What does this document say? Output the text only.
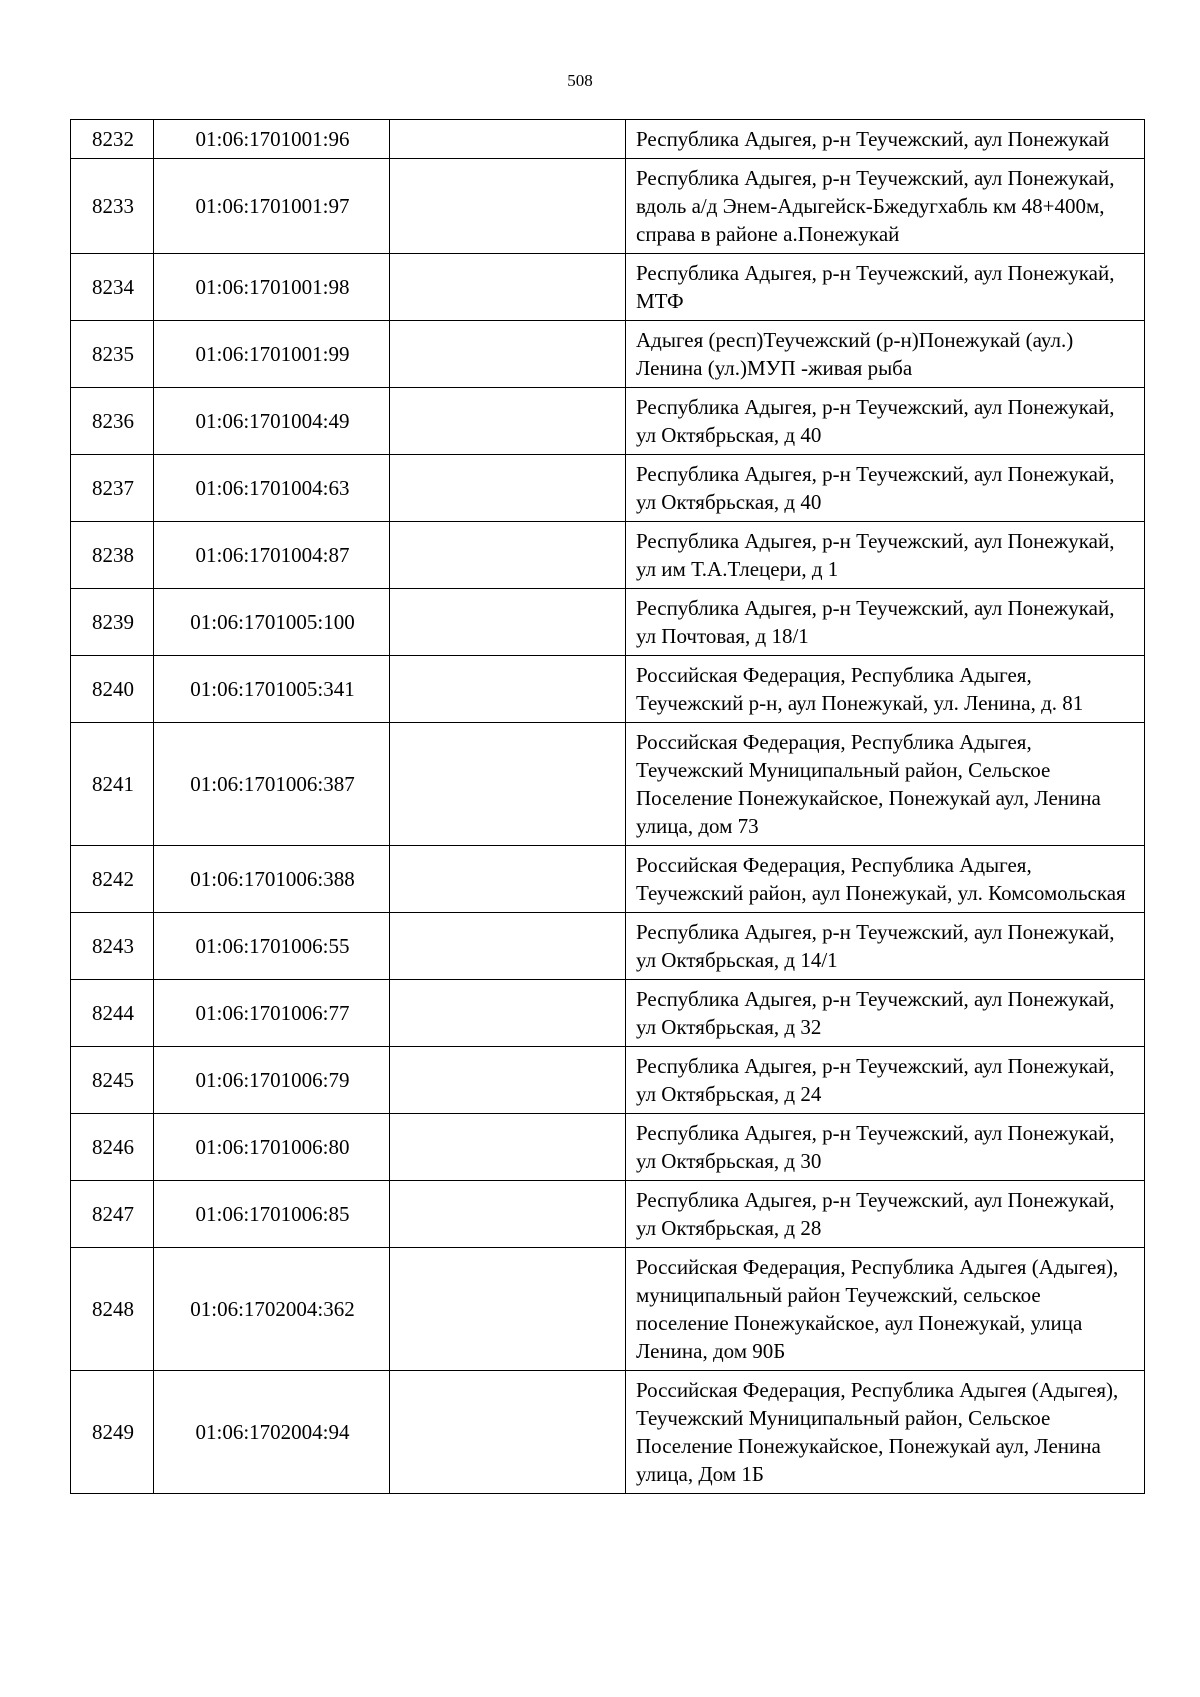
508
8232	01:06:1701001:96		Республика Адыгея, р-н Теучежский, аул Понежукай
8233	01:06:1701001:97		Республика Адыгея, р-н Теучежский, аул Понежукай, вдоль а/д Энем-Адыгейск-Бжедугхабль км 48+400м, справа в районе а.Понежукай
8234	01:06:1701001:98		Республика Адыгея, р-н Теучежский, аул Понежукай, МТФ
8235	01:06:1701001:99		Адыгея (респ)Теучежский (р-н)Понежукай (аул.) Ленина (ул.)МУП -живая рыба
8236	01:06:1701004:49		Республика Адыгея, р-н Теучежский, аул Понежукай, ул Октябрьская, д 40
8237	01:06:1701004:63		Республика Адыгея, р-н Теучежский, аул Понежукай, ул Октябрьская, д 40
8238	01:06:1701004:87		Республика Адыгея, р-н Теучежский, аул Понежукай, ул им Т.А.Тлецери, д 1
8239	01:06:1701005:100		Республика Адыгея, р-н Теучежский, аул Понежукай, ул Почтовая, д 18/1
8240	01:06:1701005:341		Российская Федерация, Республика Адыгея, Теучежский р-н, аул Понежукай, ул. Ленина, д. 81
8241	01:06:1701006:387		Российская Федерация, Республика Адыгея, Теучежский Муниципальный район, Сельское Поселение Понежукайское, Понежукай аул, Ленина улица, дом 73
8242	01:06:1701006:388		Российская Федерация, Республика Адыгея, Теучежский район, аул Понежукай, ул. Комсомольская
8243	01:06:1701006:55		Республика Адыгея, р-н Теучежский, аул Понежукай, ул Октябрьская, д 14/1
8244	01:06:1701006:77		Республика Адыгея, р-н Теучежский, аул Понежукай, ул Октябрьская, д 32
8245	01:06:1701006:79		Республика Адыгея, р-н Теучежский, аул Понежукай, ул Октябрьская, д 24
8246	01:06:1701006:80		Республика Адыгея, р-н Теучежский, аул Понежукай, ул Октябрьская, д 30
8247	01:06:1701006:85		Республика Адыгея, р-н Теучежский, аул Понежукай, ул Октябрьская, д 28
8248	01:06:1702004:362		Российская Федерация, Республика Адыгея (Адыгея), муниципальный район Теучежский, сельское поселение Понежукайское, аул Понежукай, улица Ленина, дом 90Б
8249	01:06:1702004:94		Российская Федерация, Республика Адыгея (Адыгея), Теучежский Муниципальный район, Сельское Поселение Понежукайское, Понежукай аул, Ленина улица, Дом 1Б
